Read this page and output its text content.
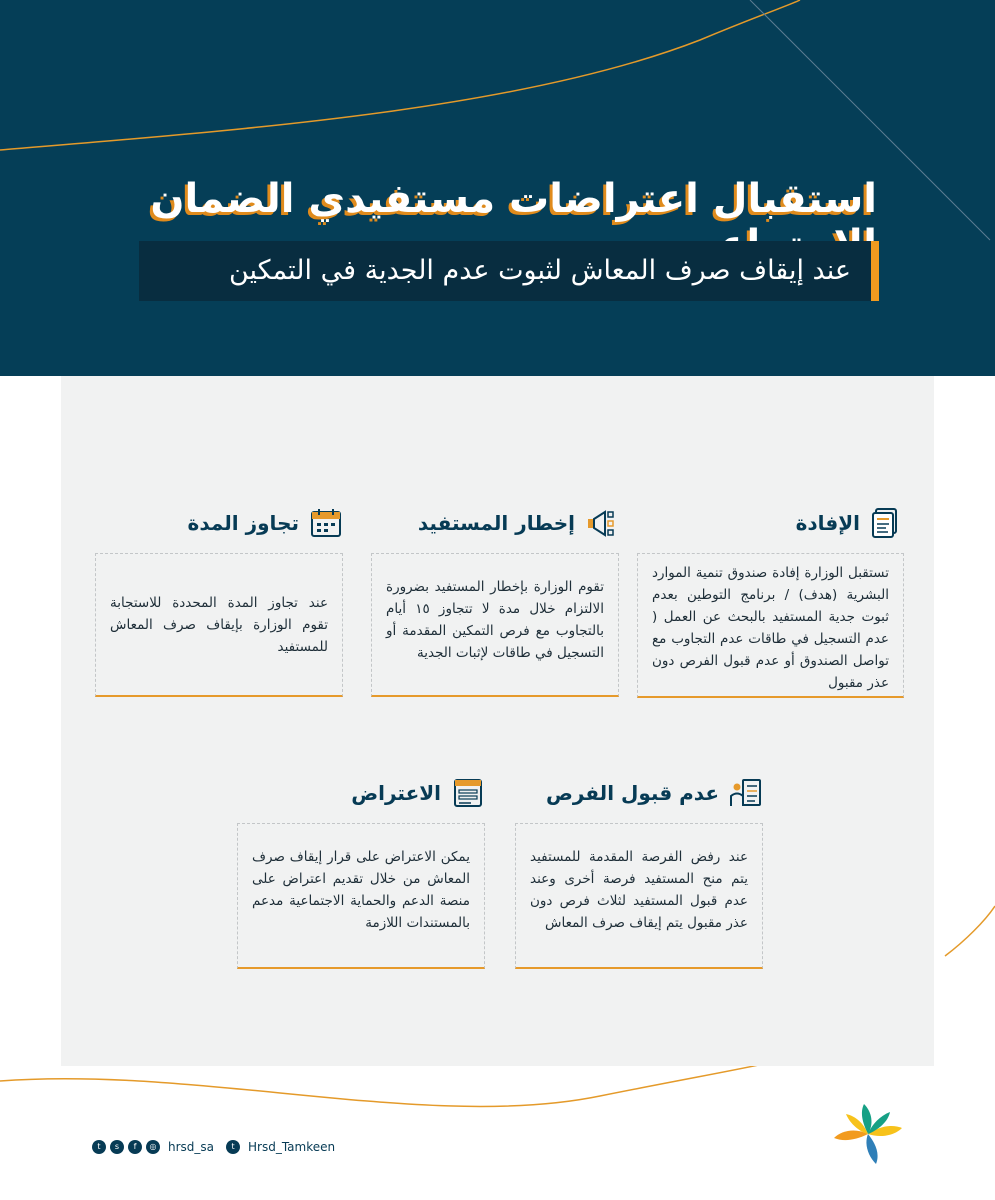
استقبال اعتراضات مستفيدي الضمان
عند إيقاف صرف المعاش لثبوت عدم الجدية في التمكين
الإفادة
تستقبل الوزارة إفادة صندوق تنمية الموارد البشرية (هدف) / برنامج التوطين بعدم ثبوت جدية المستفيد بالبحث عن العمل ( عدم التسجيل في طاقات عدم التجاوب مع تواصل الصندوق أو عدم قبول الفرص دون عذر مقبول
إخطار المستفيد
تقوم الوزارة بإخطار المستفيد بضرورة الالتزام خلال مدة لا تتجاوز ١٥ أيام بالتجاوب مع فرص التمكين المقدمة أو التسجيل في طاقات لإثبات الجدية
تجاوز المدة
عند تجاوز المدة المحددة للاستجابة تقوم الوزارة بإيقاف صرف المعاش للمستفيد
عدم قبول الفرص
عند رفض الفرصة المقدمة للمستفيد يتم منح المستفيد فرصة أخرى وعند عدم قبول المستفيد لثلاث فرص دون عذر مقبول يتم إيقاف صرف المعاش
الاعتراض
يمكن الاعتراض على قرار إيقاف صرف المعاش من خلال تقديم اعتراض على منصة الدعم والحماية الاجتماعية مدعم بالمستندات اللازمة
t	s	f	◎ hrsd_sa	t	Hrsd_Tamkeen
